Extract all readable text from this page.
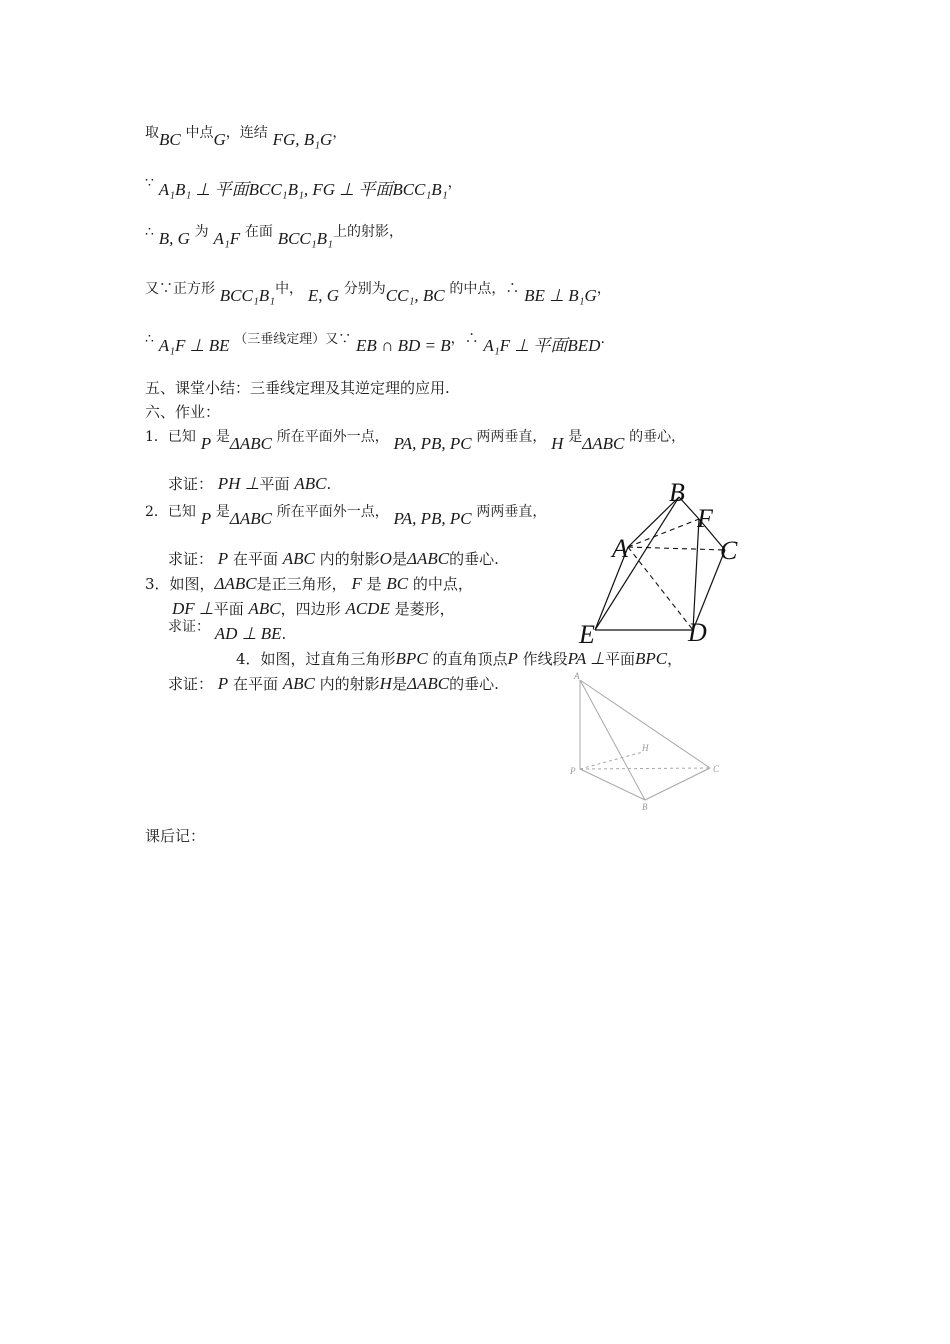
取BC 中点G，连结 FG, B₁G，
∵ A₁B₁ ⊥ 平面BCC₁B₁, FG ⊥ 平面BCC₁B₁，
∴ B, G 为 A₁F 在面 BCC₁B₁上的射影，
又∵正方形 BCC₁B₁中， E, G 分别为CC₁, BC 的中点，∴ BE ⊥ B₁G，
∴ A₁F ⊥ BE （三垂线定理）又∵ EB ∩ BD = B，∴ A₁F ⊥ 平面BED.
五、课堂小结：三垂线定理及其逆定理的应用.
六、作业：
1．已知 P 是ΔABC 所在平面外一点， PA, PB, PC 两两垂直， H 是ΔABC 的垂心，
求证： PH ⊥平面 ABC.
2．已知 P 是ΔABC 所在平面外一点， PA, PB, PC 两两垂直，
求证： P 在平面 ABC 内的射影O是ΔABC的垂心.
3．如图，ΔABC是正三角形， F 是 BC 的中点，
DF ⊥平面 ABC，四边形 ACDE 是菱形，
求证： AD ⊥ BE.
4．如图，过直角三角形BPC 的直角顶点P 作线段PA ⊥平面BPC，
求证： P 在平面 ABC 内的射影H是ΔABC的垂心.
课后记：
B
F
A	C
E	D
A
H
P	C
B
